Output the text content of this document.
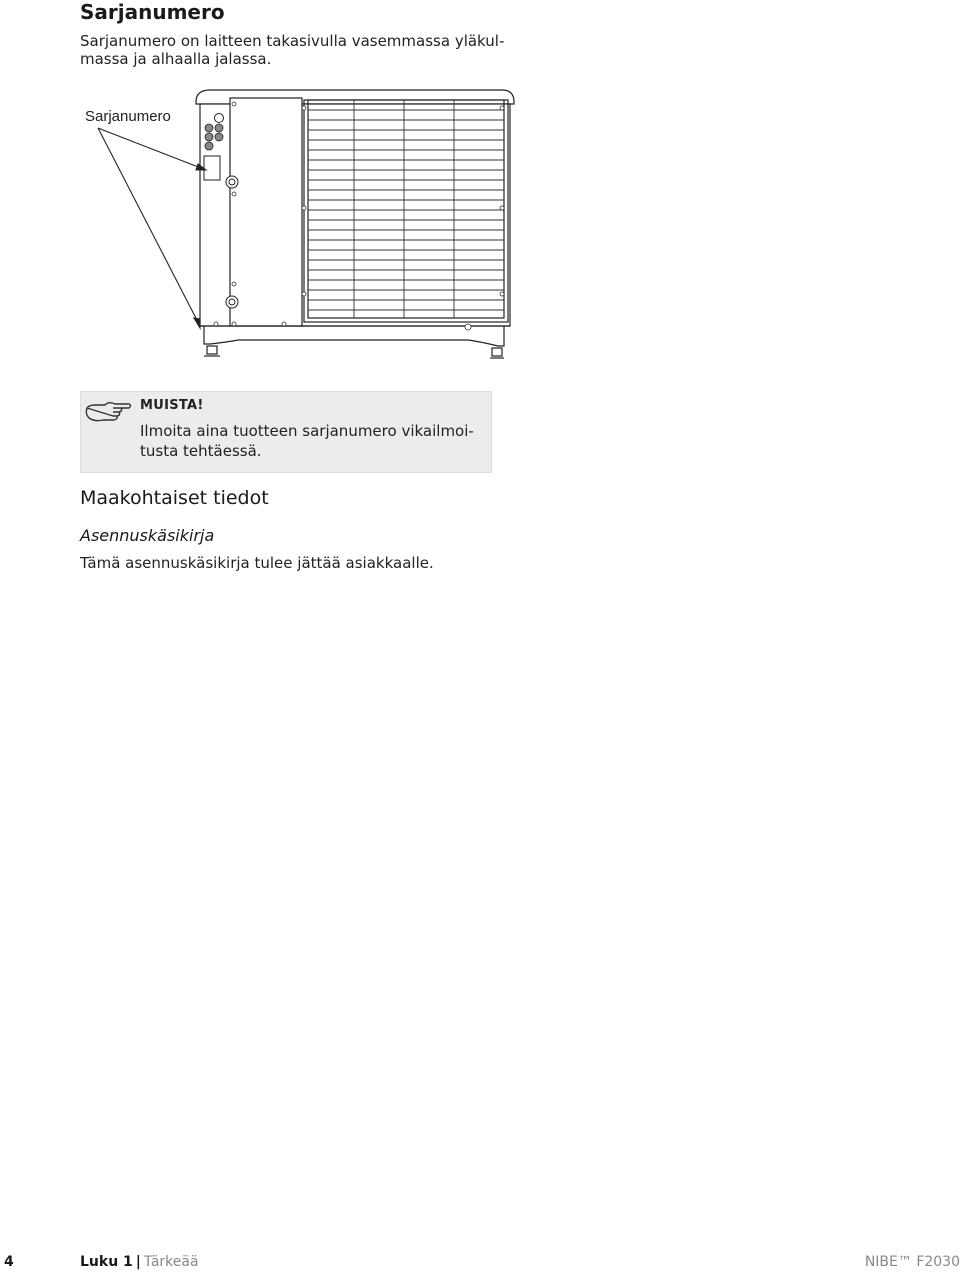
Sarjanumero
Sarjanumero on laitteen takasivulla vasemmassa yläkul-
massa ja alhaalla jalassa.
Sarjanumero
MUISTA!
Ilmoita aina tuotteen sarjanumero vikailmoi-
tusta tehtäessä.
Maakohtaiset tiedot
Asennuskäsikirja
Tämä asennuskäsikirja tulee jättää asiakkaalle.
4	Luku 1 | Tärkeää	NIBE™ F2030
